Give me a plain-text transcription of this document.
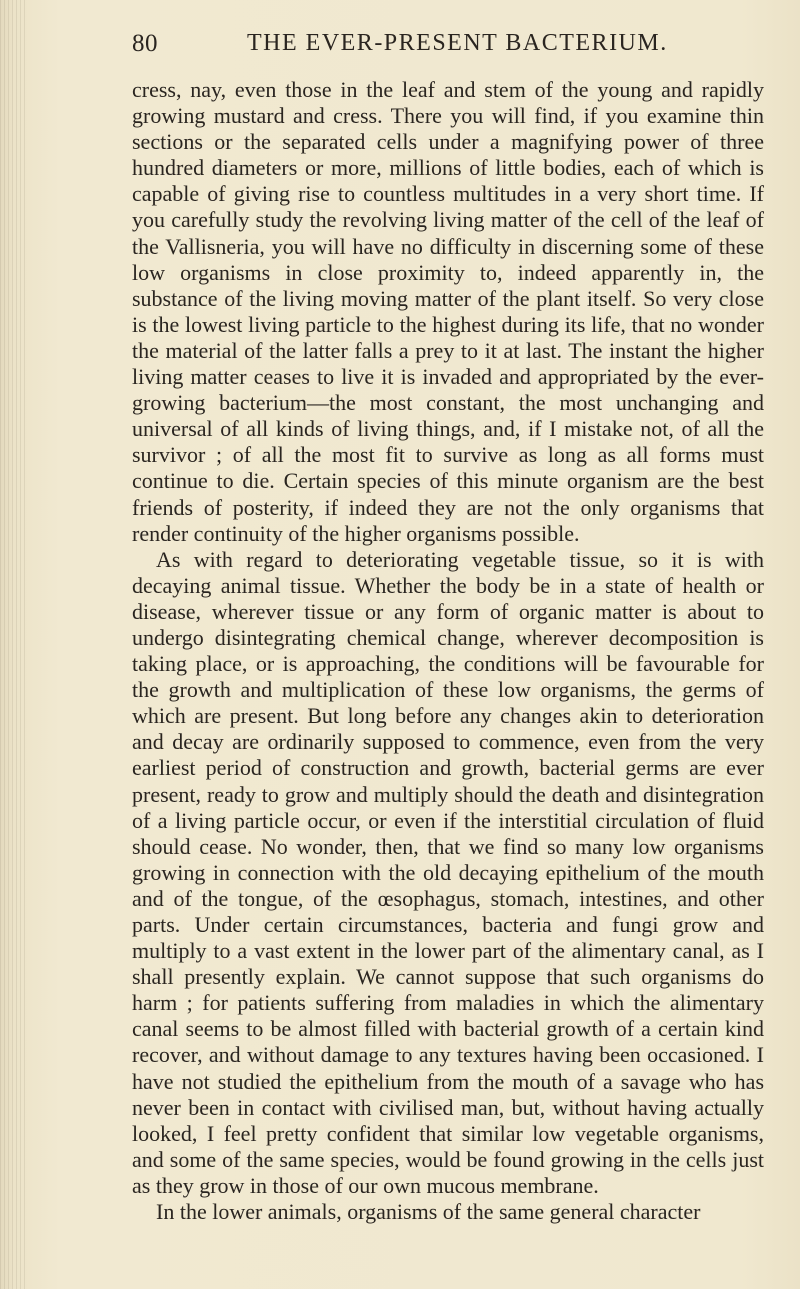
80	THE EVER-PRESENT BACTERIUM.

cress, nay, even those in the leaf and stem of the young and rapidly growing mustard and cress. There you will find, if you examine thin sections or the separated cells under a magnifying power of three hundred diameters or more, millions of little bodies, each of which is capable of giving rise to countless multitudes in a very short time. If you carefully study the revolving living matter of the cell of the leaf of the Vallisneria, you will have no difficulty in discerning some of these low organisms in close proximity to, indeed apparently in, the substance of the living moving matter of the plant itself. So very close is the lowest living particle to the highest during its life, that no wonder the material of the latter falls a prey to it at last. The instant the higher living matter ceases to live it is invaded and appropriated by the ever-growing bacterium—the most constant, the most unchanging and universal of all kinds of living things, and, if I mistake not, of all the survivor ; of all the most fit to survive as long as all forms must continue to die. Certain species of this minute organism are the best friends of posterity, if indeed they are not the only organisms that render continuity of the higher organisms possible.

As with regard to deteriorating vegetable tissue, so it is with decaying animal tissue. Whether the body be in a state of health or disease, wherever tissue or any form of organic matter is about to undergo disintegrating chemical change, wherever decomposition is taking place, or is approaching, the conditions will be favourable for the growth and multiplication of these low organisms, the germs of which are present. But long before any changes akin to deterioration and decay are ordinarily supposed to commence, even from the very earliest period of construction and growth, bacterial germs are ever present, ready to grow and multiply should the death and disintegration of a living particle occur, or even if the interstitial circulation of fluid should cease. No wonder, then, that we find so many low organisms growing in connection with the old decaying epithelium of the mouth and of the tongue, of the œsophagus, stomach, intestines, and other parts. Under certain circumstances, bacteria and fungi grow and multiply to a vast extent in the lower part of the alimentary canal, as I shall presently explain. We cannot suppose that such organisms do harm ; for patients suffering from maladies in which the alimentary canal seems to be almost filled with bacterial growth of a certain kind recover, and without damage to any textures having been occasioned. I have not studied the epithelium from the mouth of a savage who has never been in contact with civilised man, but, without having actually looked, I feel pretty confident that similar low vegetable organisms, and some of the same species, would be found growing in the cells just as they grow in those of our own mucous membrane.

In the lower animals, organisms of the same general character
